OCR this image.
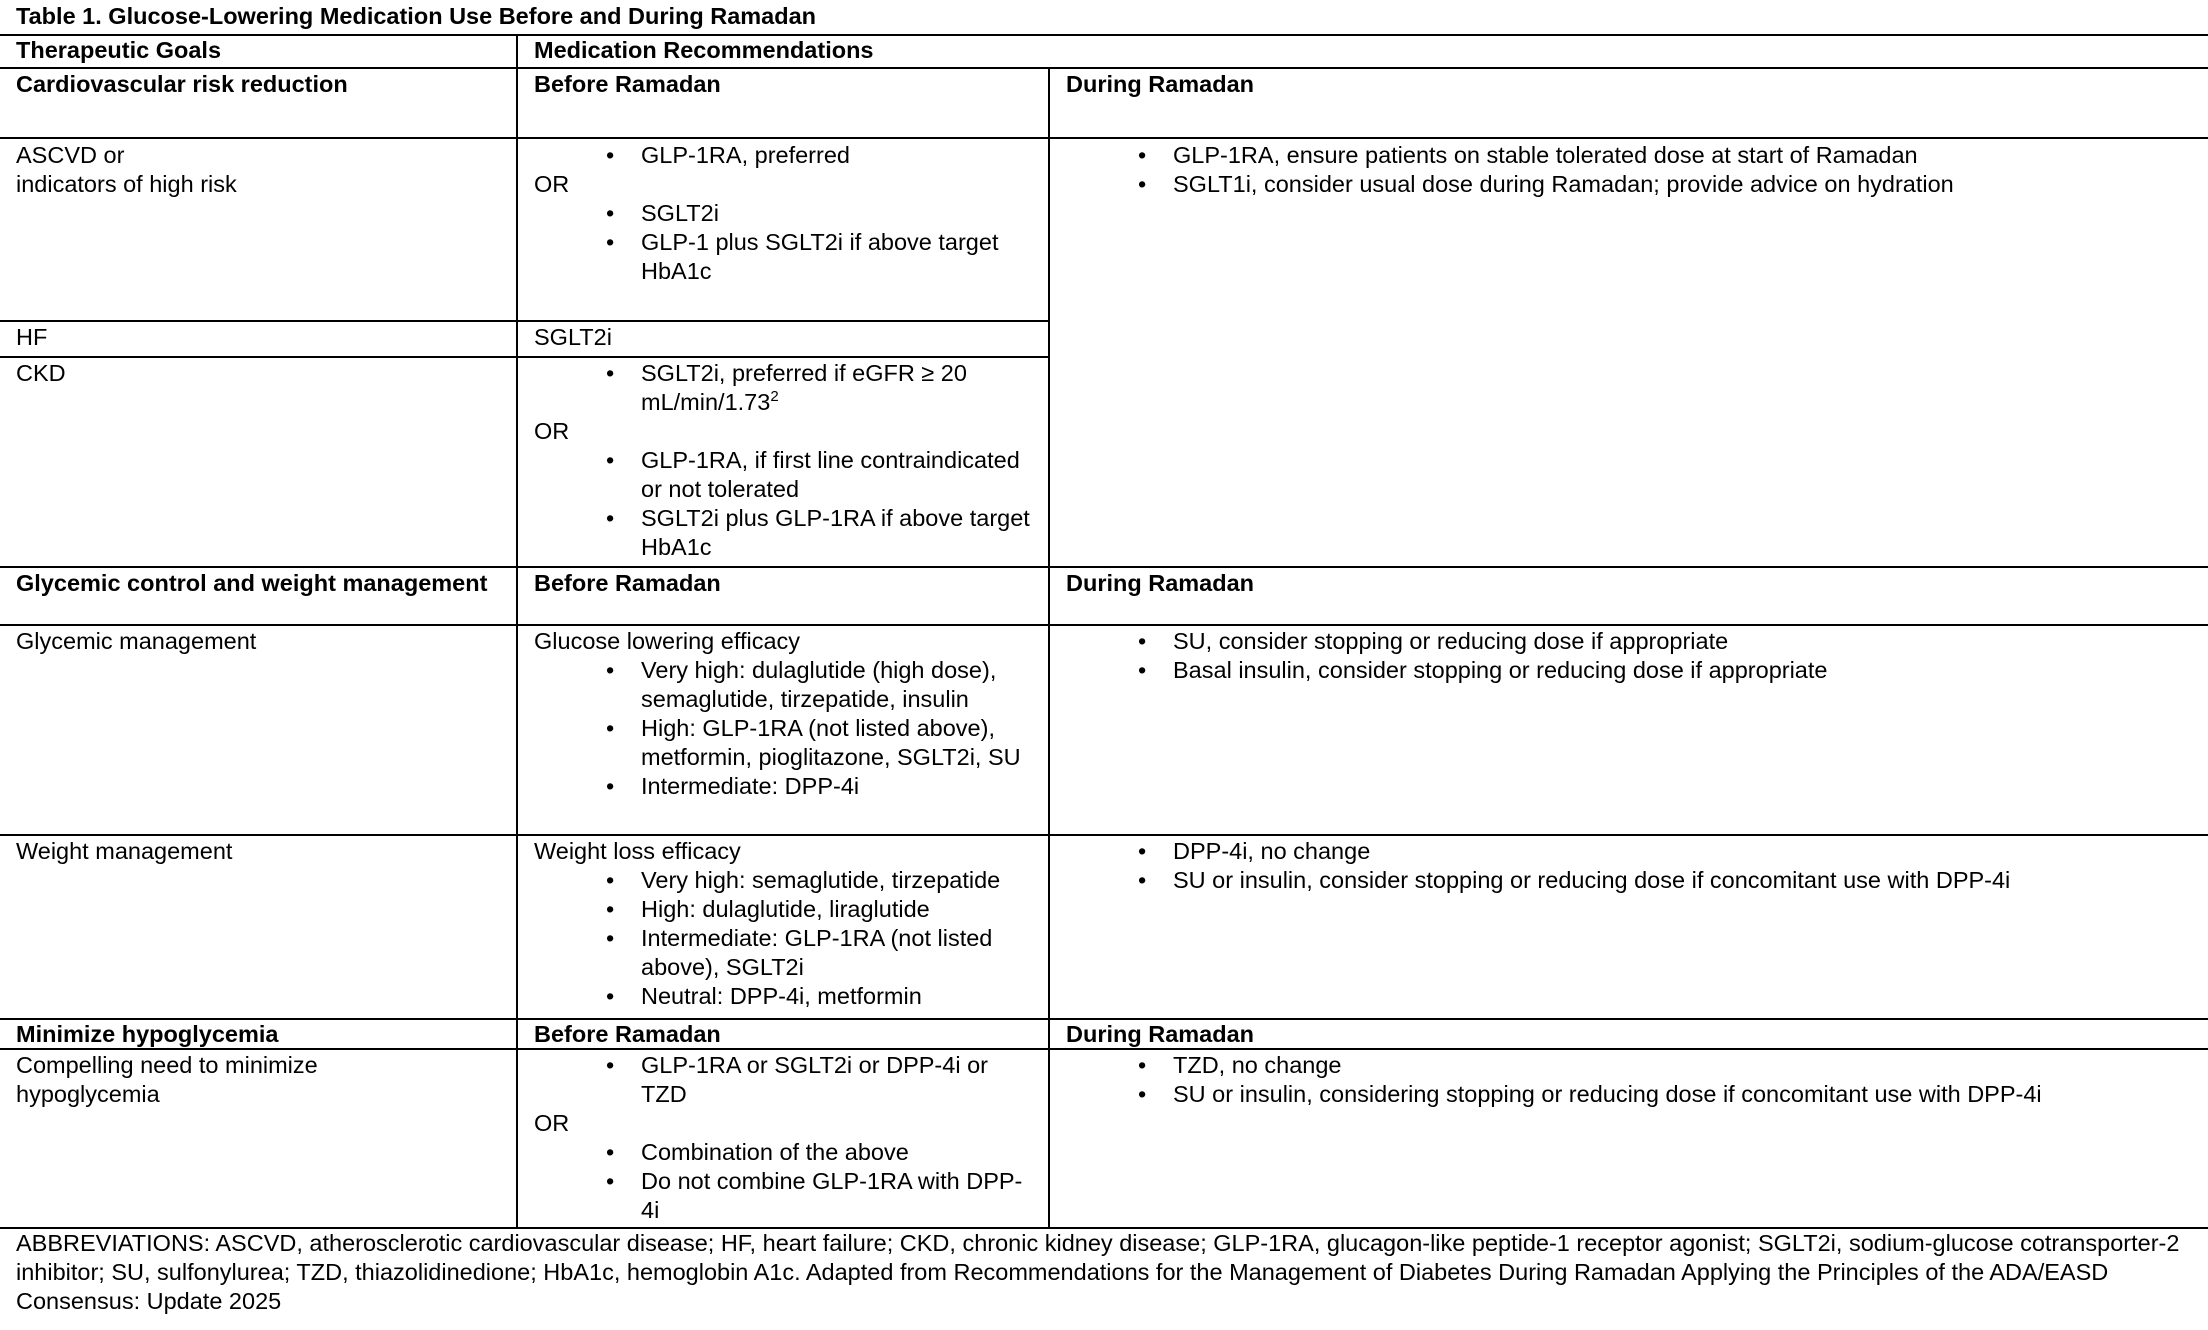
Table 1. Glucose-Lowering Medication Use Before and During Ramadan
Therapeutic Goals	Medication Recommendations
Cardiovascular risk reduction	Before Ramadan	During Ramadan
ASCVD or
indicators of high risk
• GLP-1RA, preferred

OR

• SGLT2i
• GLP-1 plus SGLT2i if above target HbA1c
• GLP-1RA, ensure patients on stable tolerated dose at start of Ramadan
• SGLT1i, consider usual dose during Ramadan; provide advice on hydration
HF	SGLT2i
CKD
•	SGLT2i, preferred if eGFR ≥ 20 mL/min/1.73$^2$

OR

• GLP-1RA, if first line contraindicated or not tolerated
• SGLT2i plus GLP-1RA if above target HbA1c
Glycemic control and weight management	Before Ramadan	During Ramadan
Glycemic management	Glucose lowering efficacy

• Very high: dulaglutide (high dose), semaglutide, tirzepatide, insulin
• High: GLP-1RA (not listed above), metformin, pioglitazone, SGLT2i, SU
• Intermediate: DPP-4i
• SU, consider stopping or reducing dose if appropriate
• Basal insulin, consider stopping or reducing dose if appropriate
Weight management	Weight loss efficacy

• Very high: semaglutide, tirzepatide
• High: dulaglutide, liraglutide
• Intermediate: GLP-1RA (not listed above), SGLT2i
• Neutral: DPP-4i, metformin
• DPP-4i, no change
• SU or insulin, consider stopping or reducing dose if concomitant use with DPP-4i
Minimize hypoglycemia	Before Ramadan	During Ramadan
Compelling need to minimize
hypoglycemia
• GLP-1RA or SGLT2i or DPP-4i or TZD

OR

• Combination of the above
• Do not combine GLP-1RA with DPP-4i
• TZD, no change
• SU or insulin, considering stopping or reducing dose if concomitant use with DPP-4i

ABBREVIATIONS: ASCVD, atherosclerotic cardiovascular disease; HF, heart failure; CKD, chronic kidney disease; GLP-1RA, glucagon-like peptide-1 receptor agonist; SGLT2i, sodium-glucose cotransporter-2 inhibitor; SU, sulfonylurea; TZD, thiazolidinedione; HbA1c, hemoglobin A1c. Adapted from Recommendations for the Management of Diabetes During Ramadan Applying the Principles of the ADA/EASD Consensus: Update 2025
